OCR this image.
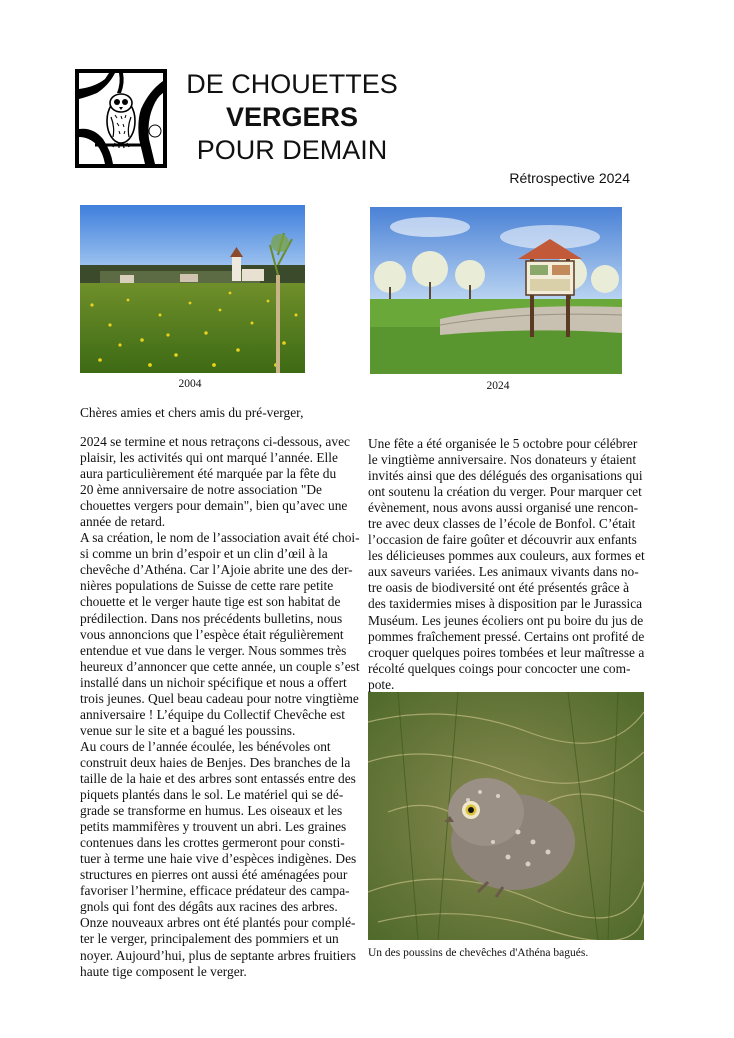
DE CHOUETTES
VERGERS
POUR DEMAIN
Rétrospective 2024
2004	2024
Chères amies et chers amis du pré-verger,
2024 se termine et nous retraçons ci-dessous, avec
plaisir, les activités qui ont marqué l’année. Elle
aura particulièrement été marquée par la fête du
20 ème anniversaire de notre association "De
chouettes vergers pour demain", bien qu’avec une
année de retard.
A sa création, le nom de l’association avait été choi-
si comme un brin d’espoir et un clin d’œil à la
chevêche d’Athéna. Car l’Ajoie abrite une des der-
nières populations de Suisse de cette rare petite
chouette et le verger haute tige est son habitat de
prédilection. Dans nos précédents bulletins, nous
vous annoncions que l’espèce était régulièrement
entendue et vue dans le verger. Nous sommes très
heureux d’annoncer que cette année, un couple s’est
installé dans un nichoir spécifique et nous a offert
trois jeunes. Quel beau cadeau pour notre vingtième
anniversaire ! L’équipe du Collectif Chevêche est
venue sur le site et a bagué les poussins.
Au cours de l’année écoulée, les bénévoles ont
construit deux haies de Benjes. Des branches de la
taille de la haie et des arbres sont entassés entre des
piquets plantés dans le sol. Le matériel qui se dé-
grade se transforme en humus. Les oiseaux et les
petits mammifères y trouvent un abri. Les graines
contenues dans les crottes germeront pour consti-
tuer à terme une haie vive d’espèces indigènes. Des
structures en pierres ont aussi été aménagées pour
favoriser l’hermine, efficace prédateur des campa-
gnols qui font des dégâts aux racines des arbres.
Onze nouveaux arbres ont été plantés pour complé-
ter le verger, principalement des pommiers et un
noyer. Aujourd’hui, plus de septante arbres fruitiers
haute tige composent le verger.
Une fête a été organisée le 5 octobre pour célébrer
le vingtième anniversaire. Nos donateurs y étaient
invités ainsi que des délégués des organisations qui
ont soutenu la création du verger. Pour marquer cet
évènement, nous avons aussi organisé une rencon-
tre avec deux classes de l’école de Bonfol. C’était
l’occasion de faire goûter et découvrir aux enfants
les délicieuses pommes aux couleurs, aux formes et
aux saveurs variées. Les animaux vivants dans no-
tre oasis de biodiversité ont été présentés grâce à
des taxidermies mises à disposition par le Jurassica
Muséum. Les jeunes écoliers ont pu boire du jus de
pommes fraîchement pressé. Certains ont profité de
croquer quelques poires tombées et leur maîtresse a
récolté quelques coings pour concocter une com-
pote.
Un des poussins de chevêches d'Athéna bagués.
